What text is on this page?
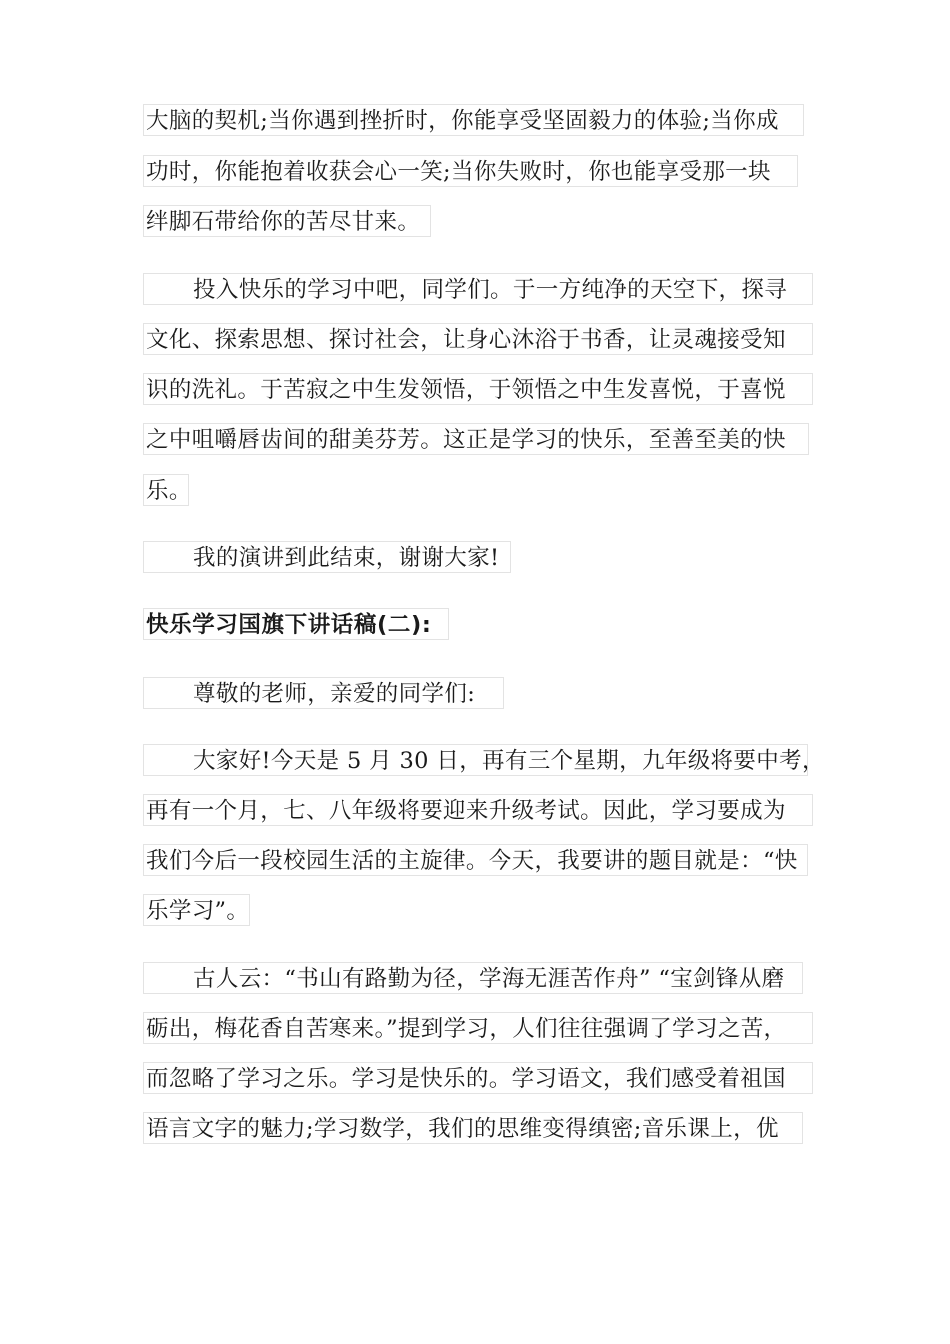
大脑的契机;当你遇到挫折时，你能享受坚固毅力的体验;当你成
功时，你能抱着收获会心一笑;当你失败时，你也能享受那一块
绊脚石带给你的苦尽甘来。
投入快乐的学习中吧，同学们。于一方纯净的天空下，探寻
文化、探索思想、探讨社会，让身心沐浴于书香，让灵魂接受知
识的洗礼。于苦寂之中生发领悟，于领悟之中生发喜悦，于喜悦
之中咀嚼唇齿间的甜美芬芳。这正是学习的快乐，至善至美的快
乐。
我的演讲到此结束，谢谢大家!
快乐学习国旗下讲话稿(二):
尊敬的老师，亲爱的同学们:
大家好!今天是 5 月 30 日，再有三个星期，九年级将要中考，
再有一个月，七、八年级将要迎来升级考试。因此，学习要成为
我们今后一段校园生活的主旋律。今天，我要讲的题目就是：“快
乐学习”。
古人云：“书山有路勤为径，学海无涯苦作舟” “宝剑锋从磨
砺出，梅花香自苦寒来。”提到学习，人们往往强调了学习之苦，
而忽略了学习之乐。学习是快乐的。学习语文，我们感受着祖国
语言文字的魅力;学习数学，我们的思维变得缜密;音乐课上，优
